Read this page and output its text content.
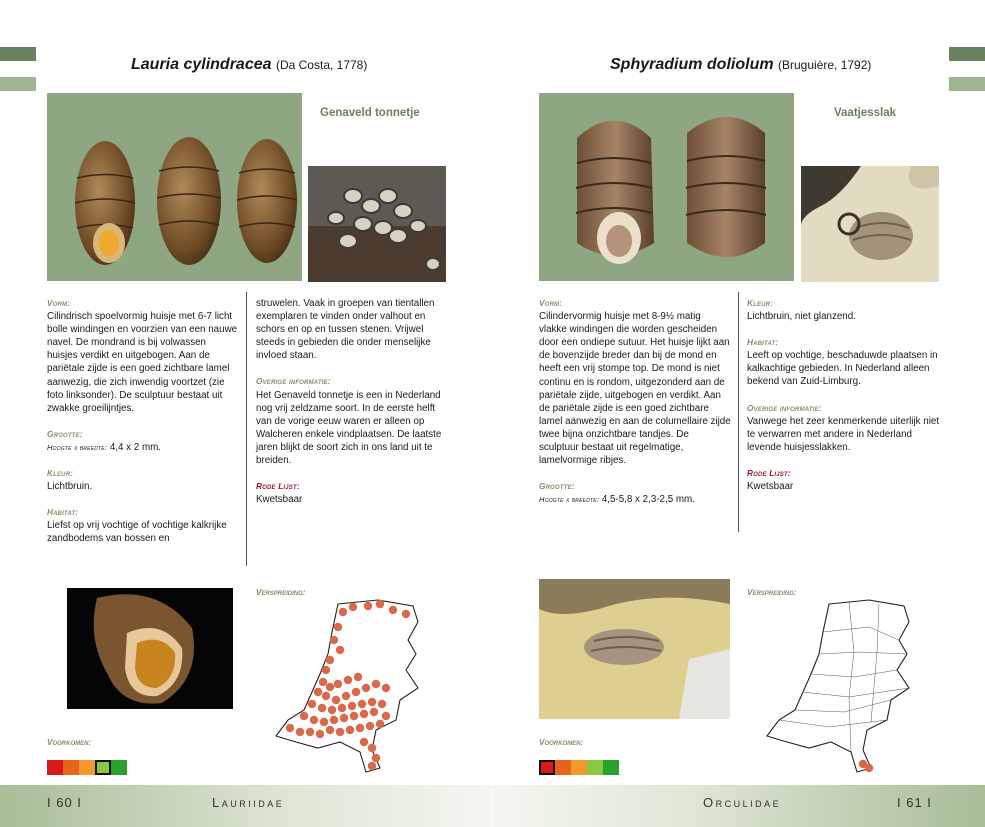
Lauria cylindracea (Da Costa, 1778)
Genaveld tonnetje
Vorm:
Cilindrisch spoelvormig huisje met 6-7 licht bolle windingen en voorzien van een nauwe navel. De mondrand is bij volwassen huisjes verdikt en uitgebogen. Aan de pariëtale zijde is een goed zichtbare lamel aanwezig, die zich inwendig voortzet (zie foto linksonder). De sculptuur bestaat uit zwakke groeilijntjes.
Grootte:
Hoogte x breedte: 4,4 x 2 mm.
Kleur:
Lichtbruin.
Habitat:
Liefst op vrij vochtige of vochtige kalkrijke zandbodems van bossen en
struwelen. Vaak in groepen van tientallen exemplaren te vinden onder valhout en schors en op en tussen stenen. Vrijwel steeds in gebieden die onder menselijke invloed staan.
Overige informatie:
Het Genaveld tonnetje is een in Nederland nog vrij zeldzame soort. In de eerste helft van de vorige eeuw waren er alleen op Walcheren enkele vindplaatsen. De laatste jaren blijkt de soort zich in ons land uit te breiden.
Rode Lijst:
Kwetsbaar
Verspreiding:
Voorkomen:
I 60 I	Lauriidae
Sphyradium doliolum (Bruguière, 1792)
Vaatjesslak
Vorm:
Cilindervormig huisje met 8-9½ matig vlakke windingen die worden gescheiden door een ondiepe sutuur. Het huisje lijkt aan de bovenzijde breder dan bij de mond en heeft een vrij stompe top. De mond is niet continu en is rondom, uitgezonderd aan de pariëtale zijde, uitgebogen en verdikt. Aan de pariëtale zijde is een goed zichtbare lamel aanwezig en aan de columellaire zijde twee bijna onzichtbare tandjes. De sculptuur bestaat uit regelmatige, lamelvormige ribjes.
Grootte:
Hoogte x breedte: 4,5-5,8 x 2,3-2,5 mm.
Kleur:
Lichtbruin, niet glanzend.
Habitat:
Leeft op vochtige, beschaduwde plaatsen in kalkachtige gebieden. In Nederland alleen bekend van Zuid-Limburg.
Overige informatie:
Vanwege het zeer kenmerkende uiterlijk niet te verwarren met andere in Nederland levende huisjesslakken.
Rode Lijst:
Kwetsbaar
Verspreiding:
Voorkomen:
Orculidae	I 61 I
